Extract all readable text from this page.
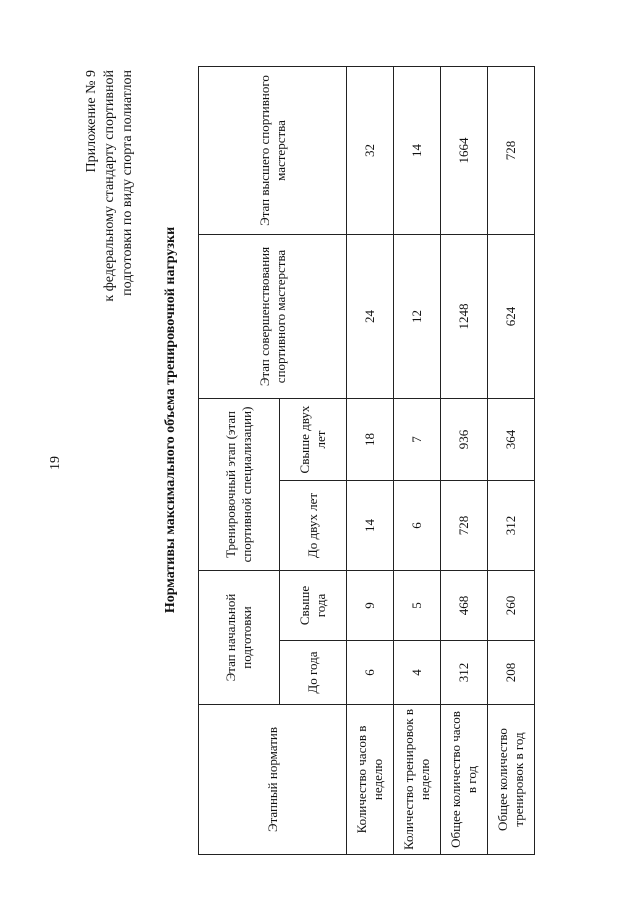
19
Приложение № 9 к федеральному стандарту спортивной подготовки по виду спорта полиатлон
Нормативы максимального объема тренировочной нагрузки
Этапный норматив	Этап начальной подготовки		Тренировочный этап (этап спортивной специализации)		Этап совершенствования спортивного мастерства	Этап высшего спортивного мастерства
	До года	Свыше года	До двух лет	Свыше двух лет		
Количество часов в неделю	6	9	14	18	24	32
Количество тренировок в неделю	4	5	6	7	12	14
Общее количество часов в год	312	468	728	936	1248	1664
Общее количество тренировок в год	208	260	312	364	624	728
